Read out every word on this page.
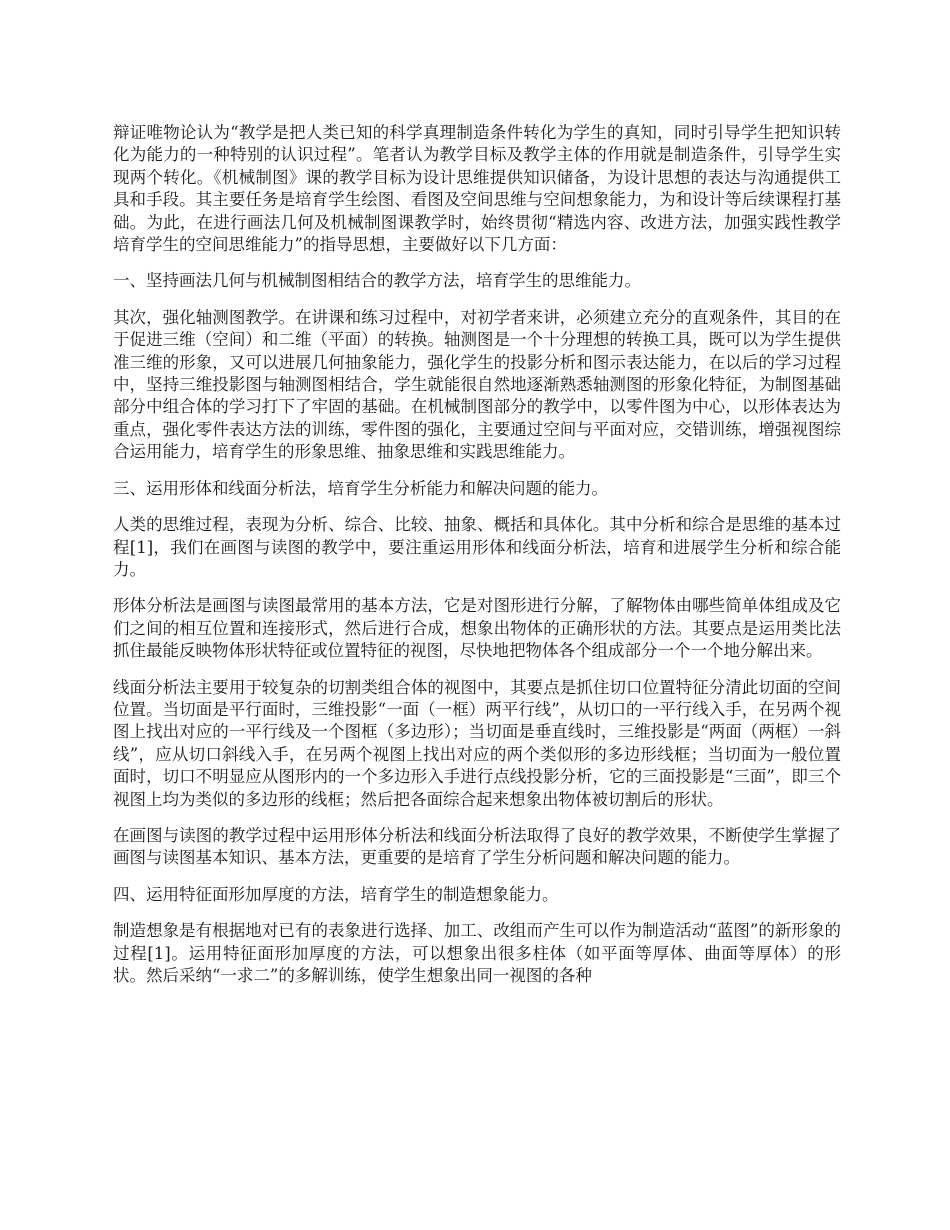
辩证唯物论认为“教学是把人类已知的科学真理制造条件转化为学生的真知，同时引导学生把知识转化为能力的一种特别的认识过程”。笔者认为教学目标及教学主体的作用就是制造条件，引导学生实现两个转化。《机械制图》课的教学目标为设计思维提供知识储备，为设计思想的表达与沟通提供工具和手段。其主要任务是培育学生绘图、看图及空间思维与空间想象能力，为和设计等后续课程打基础。为此，在进行画法几何及机械制图课教学时，始终贯彻“精选内容、改进方法，加强实践性教学培育学生的空间思维能力”的指导思想，主要做好以下几方面：

一、坚持画法几何与机械制图相结合的教学方法，培育学生的思维能力。

其次，强化轴测图教学。在讲课和练习过程中，对初学者来讲，必须建立充分的直观条件，其目的在于促进三维（空间）和二维（平面）的转换。轴测图是一个十分理想的转换工具，既可以为学生提供准三维的形象，又可以进展几何抽象能力，强化学生的投影分析和图示表达能力，在以后的学习过程中，坚持三维投影图与轴测图相结合，学生就能很自然地逐渐熟悉轴测图的形象化特征，为制图基础部分中组合体的学习打下了牢固的基础。在机械制图部分的教学中，以零件图为中心，以形体表达为重点，强化零件表达方法的训练，零件图的强化，主要通过空间与平面对应，交错训练，增强视图综合运用能力，培育学生的形象思维、抽象思维和实践思维能力。

三、运用形体和线面分析法，培育学生分析能力和解决问题的能力。

人类的思维过程，表现为分析、综合、比较、抽象、概括和具体化。其中分析和综合是思维的基本过程[1]，我们在画图与读图的教学中，要注重运用形体和线面分析法，培育和进展学生分析和综合能力。

形体分析法是画图与读图最常用的基本方法，它是对图形进行分解，了解物体由哪些简单体组成及它们之间的相互位置和连接形式，然后进行合成，想象出物体的正确形状的方法。其要点是运用类比法抓住最能反映物体形状特征或位置特征的视图，尽快地把物体各个组成部分一个一个地分解出来。

线面分析法主要用于较复杂的切割类组合体的视图中，其要点是抓住切口位置特征分清此切面的空间位置。当切面是平行面时，三维投影“一面（一框）两平行线”，从切口的一平行线入手，在另两个视图上找出对应的一平行线及一个图框（多边形）；当切面是垂直线时，三维投影是“两面（两框）一斜线”，应从切口斜线入手，在另两个视图上找出对应的两个类似形的多边形线框；当切面为一般位置面时，切口不明显应从图形内的一个多边形入手进行点线投影分析，它的三面投影是“三面”，即三个视图上均为类似的多边形的线框；然后把各面综合起来想象出物体被切割后的形状。

在画图与读图的教学过程中运用形体分析法和线面分析法取得了良好的教学效果，不断使学生掌握了画图与读图基本知识、基本方法，更重要的是培育了学生分析问题和解决问题的能力。

四、运用特征面形加厚度的方法，培育学生的制造想象能力。

制造想象是有根据地对已有的表象进行选择、加工、改组而产生可以作为制造活动“蓝图”的新形象的过程[1]。运用特征面形加厚度的方法，可以想象出很多柱体（如平面等厚体、曲面等厚体）的形状。然后采纳“一求二”的多解训练，使学生想象出同一视图的各种
